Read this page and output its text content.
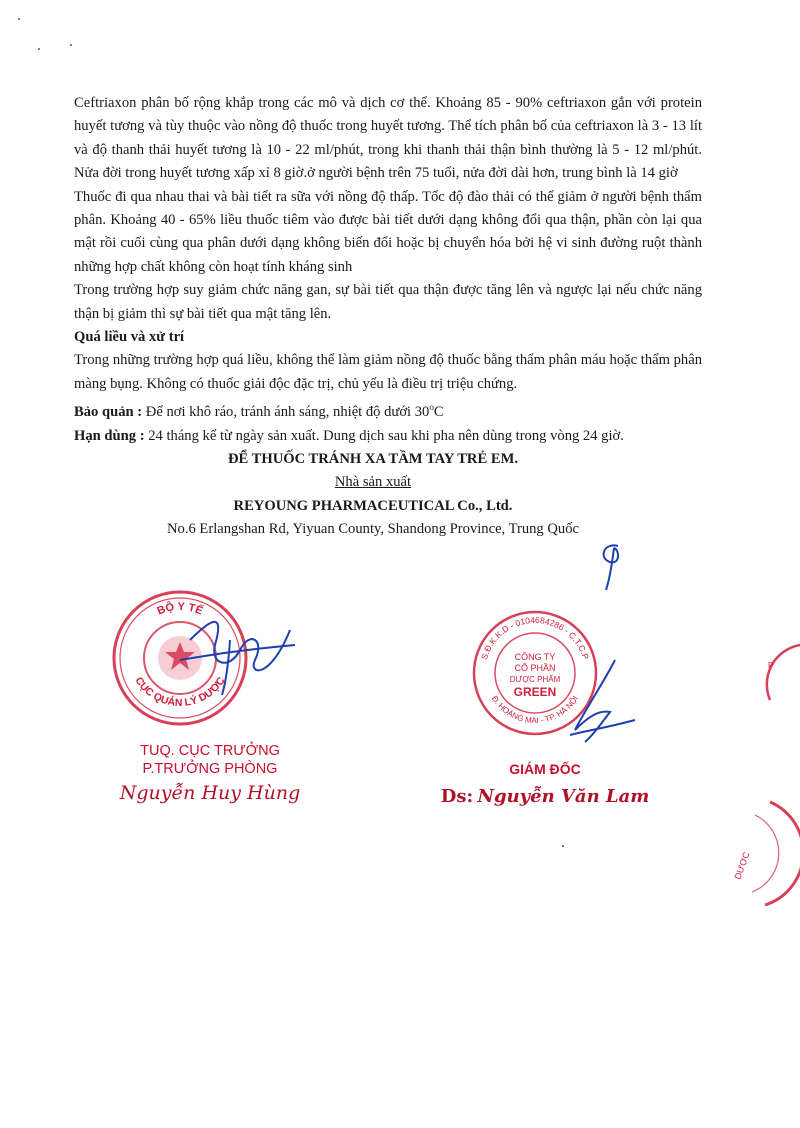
Ceftriaxon phân bố rộng khắp trong các mô và dịch cơ thể. Khoảng 85 - 90% ceftriaxon gắn với protein huyết tương và tùy thuộc vào nồng độ thuốc trong huyết tương. Thể tích phân bố của ceftriaxon là 3 - 13 lít và độ thanh thải huyết tương là 10 - 22 ml/phút, trong khi thanh thải thận bình thường là 5 - 12 ml/phút. Nửa đời trong huyết tương xấp xỉ 8 giờ.ở người bệnh trên 75 tuổi, nửa đời dài hơn, trung bình là 14 giờ

Thuốc đi qua nhau thai và bài tiết ra sữa với nồng độ thấp. Tốc độ đào thải có thể giảm ở người bệnh thẩm phân. Khoảng 40 - 65% liều thuốc tiêm vào được bài tiết dưới dạng không đổi qua thận, phần còn lại qua mật rồi cuối cùng qua phân dưới dạng không biến đổi hoặc bị chuyển hóa bởi hệ vi sinh đường ruột thành những hợp chất không còn hoạt tính kháng sinh

Trong trường hợp suy giảm chức năng gan, sự bài tiết qua thận được tăng lên và ngược lại nếu chức năng thận bị giảm thì sự bài tiết qua mật tăng lên.

Quá liều và xử trí

Trong những trường hợp quá liều, không thể làm giảm nồng độ thuốc bằng thẩm phân máu hoặc thẩm phân màng bụng. Không có thuốc giải độc đặc trị, chủ yếu là điều trị triệu chứng.

Bảo quản : Để nơi khô ráo, tránh ánh sáng, nhiệt độ dưới 30$^o$C

Hạn dùng : 24 tháng kể từ ngày sản xuất. Dung dịch sau khi pha nên dùng trong vòng 24 giờ.

ĐỂ THUỐC TRÁNH XA TẦM TAY TRẺ EM.

Nhà sản xuất

REYOUNG PHARMACEUTICAL Co., Ltd.

No.6 Erlangshan Rd, Yiyuan County, Shandong Province, Trung Quốc

BỘ Y TẾ
CỤC QUẢN LÝ DƯỢC
TUQ. CỤC TRƯỞNG
P.TRƯỞNG PHÒNG
Nguyễn Huy Hùng
S.Đ.K.K.D - 0104684286 - C.T.C.P
Đ. HOÀNG MAI - TP. HÀ NỘI
CÔNG TY
CỔ PHẦN
DƯỢC PHẨM
GREEN
GIÁM ĐỐC
Ds: Nguyễn Văn Lam
P
DƯỢC
